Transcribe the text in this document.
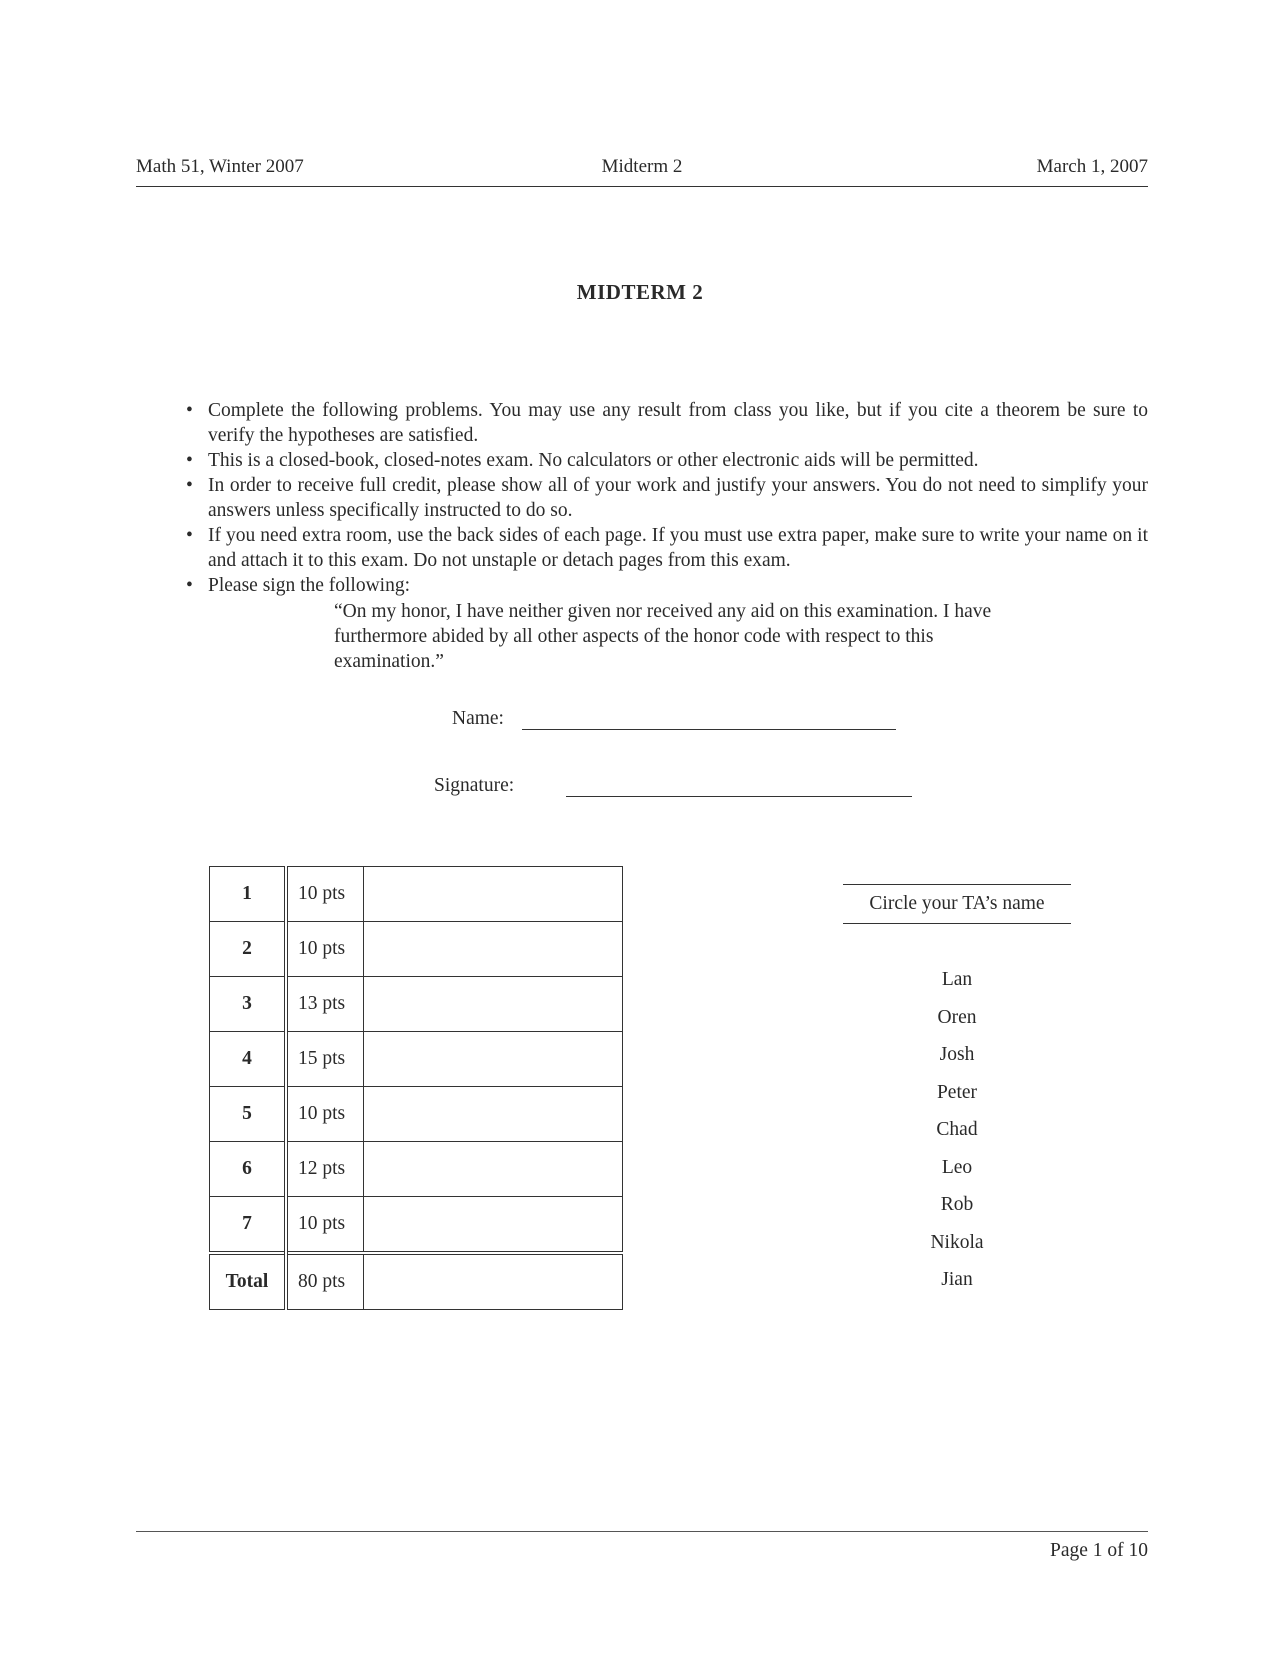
Math 51, Winter 2007	Midterm 2	March 1, 2007
MIDTERM 2
• Complete the following problems. You may use any result from class you like, but if you cite a theorem be sure to verify the hypotheses are satisfied.
• This is a closed-book, closed-notes exam. No calculators or other electronic aids will be permitted.
• In order to receive full credit, please show all of your work and justify your answers. You do not need to simplify your answers unless specifically instructed to do so.
• If you need extra room, use the back sides of each page. If you must use extra paper, make sure to write your name on it and attach it to this exam. Do not unstaple or detach pages from this exam.
• Please sign the following:
“On my honor, I have neither given nor received any aid on this examination. I have furthermore abided by all other aspects of the honor code with respect to this examination.”
Name:
Signature:
1	10 pts	
2	10 pts	
3	13 pts	
4	15 pts	
5	10 pts	
6	12 pts	
7	10 pts	
Total	80 pts	
Circle your TA’s name
Lan
Oren
Josh
Peter
Chad
Leo
Rob
Nikola
Jian
Page 1 of 10
